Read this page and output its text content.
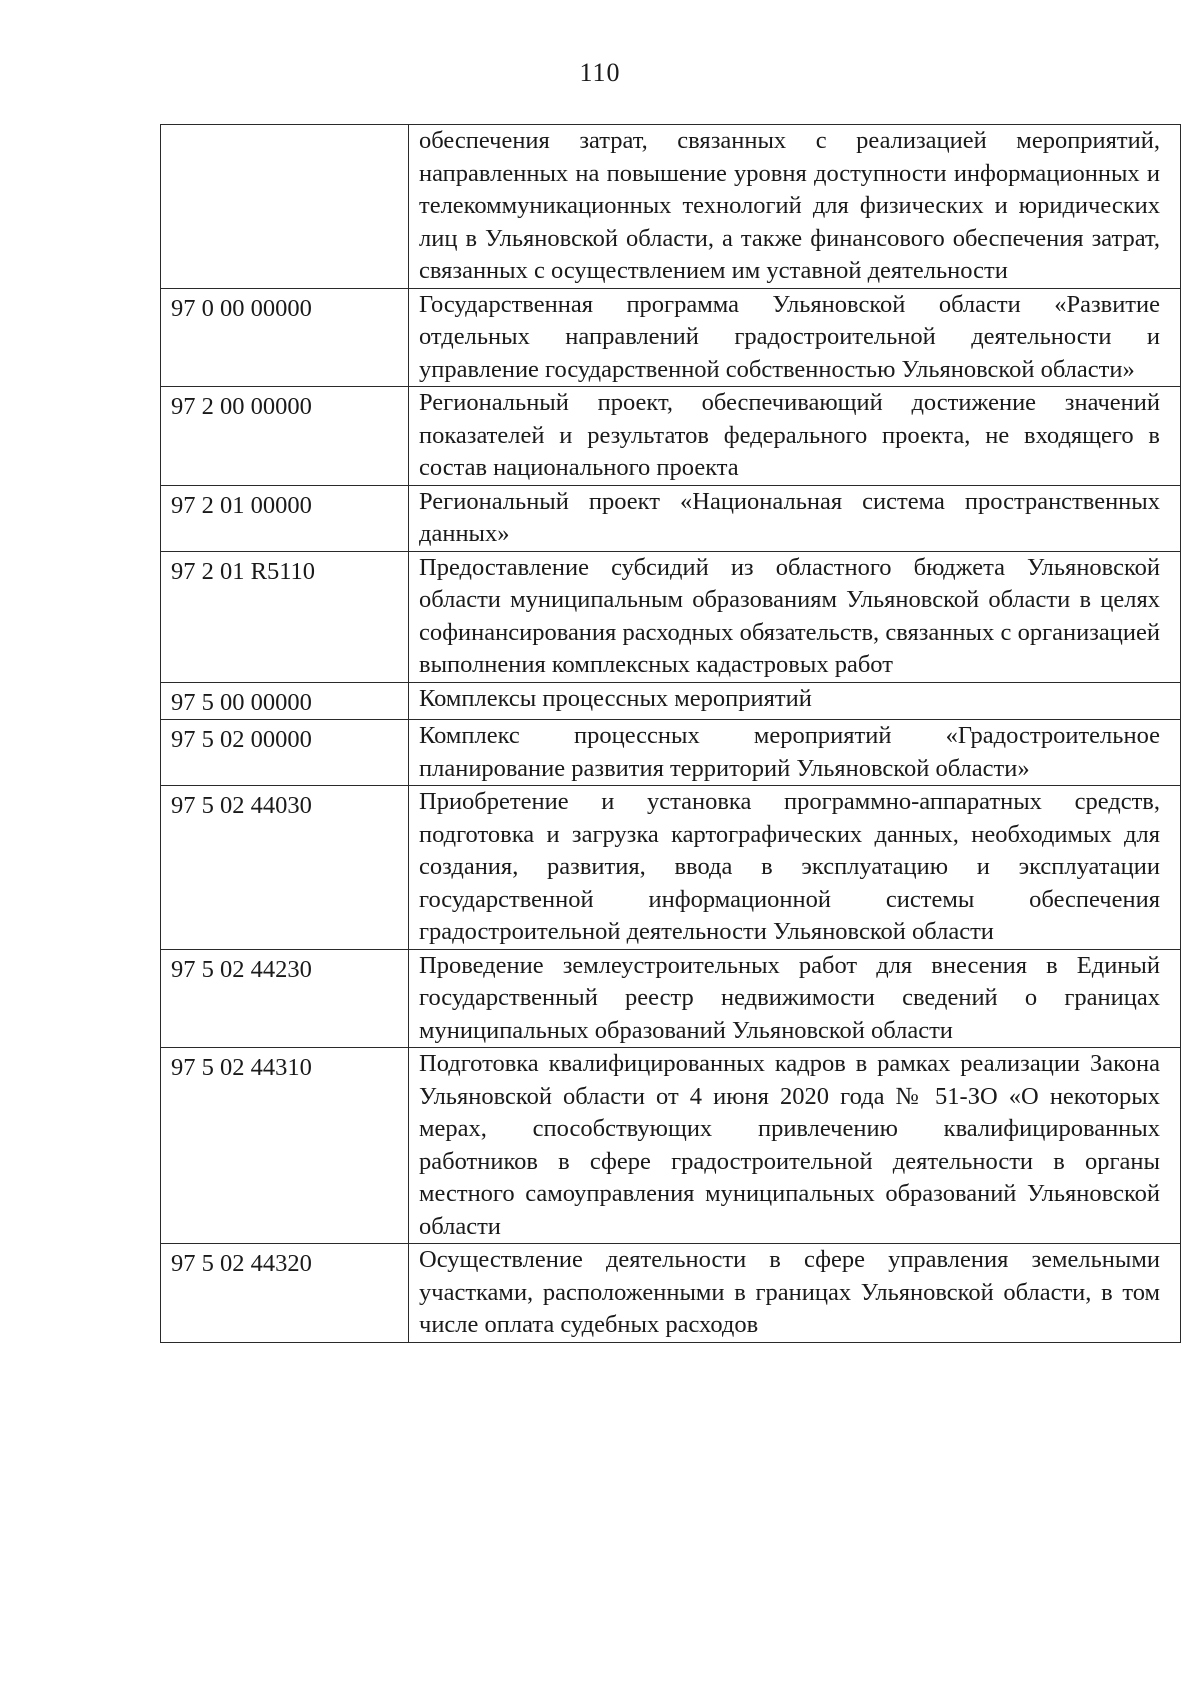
110
	обеспечения затрат, связанных с реализацией мероприятий, направленных на повышение уровня доступности информационных и телекоммуникационных технологий для физических и юридических лиц в Ульяновской области, а также финансового обеспечения затрат, связанных с осуществлением им уставной деятельности
97 0 00 00000	Государственная программа Ульяновской области «Развитие отдельных направлений градостроительной деятельности и управление государственной собственностью Ульяновской области»
97 2 00 00000	Региональный проект, обеспечивающий достижение значений показателей и результатов федерального проекта, не входящего в состав национального проекта
97 2 01 00000	Региональный проект «Национальная система пространственных данных»
97 2 01 R5110	Предоставление субсидий из областного бюджета Ульяновской области муниципальным образованиям Ульяновской области в целях софинансирования расходных обязательств, связанных с организацией выполнения комплексных кадастровых работ
97 5 00 00000	Комплексы процессных мероприятий
97 5 02 00000	Комплекс процессных мероприятий «Градостроительное планирование развития территорий Ульяновской области»
97 5 02 44030	Приобретение и установка программно-аппаратных средств, подготовка и загрузка картографических данных, необходимых для создания, развития, ввода в эксплуатацию и эксплуатации государственной информационной системы обеспечения градостроительной деятельности Ульяновской области
97 5 02 44230	Проведение землеустроительных работ для внесения в Единый государственный реестр недвижимости сведений о границах муниципальных образований Ульяновской области
97 5 02 44310	Подготовка квалифицированных кадров в рамках реализации Закона Ульяновской области от 4 июня 2020 года № 51-ЗО «О некоторых мерах, способствующих привлечению квалифицированных работников в сфере градостроительной деятельности в органы местного самоуправления муниципальных образований Ульяновской области
97 5 02 44320	Осуществление деятельности в сфере управления земельными участками, расположенными в границах Ульяновской области, в том числе оплата судебных расходов
